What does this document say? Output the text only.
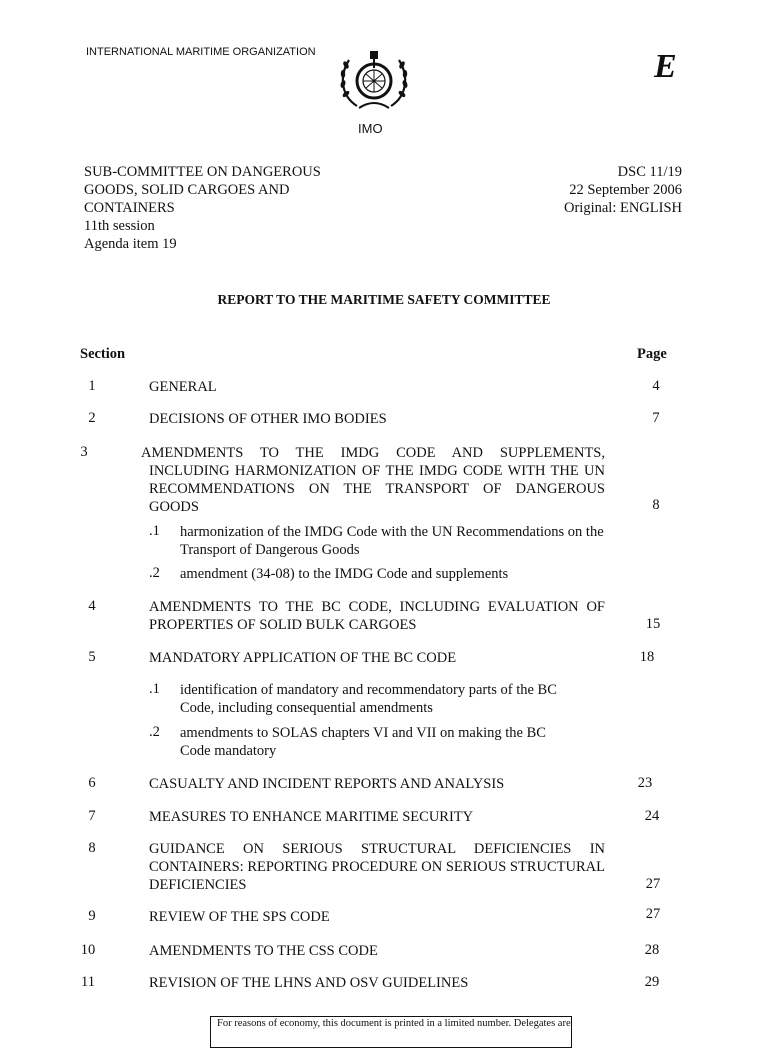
INTERNATIONAL MARITIME ORGANIZATION	E
IMO
SUB-COMMITTEE ON DANGEROUS
GOODS, SOLID CARGOES AND
CONTAINERS
11th session
Agenda item 19
DSC 11/19
22 September 2006
Original: ENGLISH
REPORT TO THE MARITIME SAFETY COMMITTEE
Section	Page
1	GENERAL	4
2	DECISIONS OF OTHER IMO BODIES	7
3	AMENDMENTS TO THE IMDG CODE AND SUPPLEMENTS, INCLUDING HARMONIZATION OF THE IMDG CODE WITH THE UN RECOMMENDATIONS ON THE TRANSPORT OF DANGEROUS GOODS	8
.1 harmonization of the IMDG Code with the UN Recommendations on the Transport of Dangerous Goods
.2 amendment (34-08) to the IMDG Code and supplements
4	AMENDMENTS TO THE BC CODE, INCLUDING EVALUATION OF PROPERTIES OF SOLID BULK CARGOES	15
5	MANDATORY APPLICATION OF THE BC CODE	18
.1 identification of mandatory and recommendatory parts of the BC Code, including consequential amendments
.2 amendments to SOLAS chapters VI and VII on making the BC Code mandatory
6	CASUALTY AND INCIDENT REPORTS AND ANALYSIS	23
7	MEASURES TO ENHANCE MARITIME SECURITY	24
8	GUIDANCE ON SERIOUS STRUCTURAL DEFICIENCIES IN CONTAINERS: REPORTING PROCEDURE ON SERIOUS STRUCTURAL DEFICIENCIES	27
9	REVIEW OF THE SPS CODE	27
10	AMENDMENTS TO THE CSS CODE	28
11	REVISION OF THE LHNS AND OSV GUIDELINES	29
For reasons of economy, this document is printed in a limited number. Delegates are
